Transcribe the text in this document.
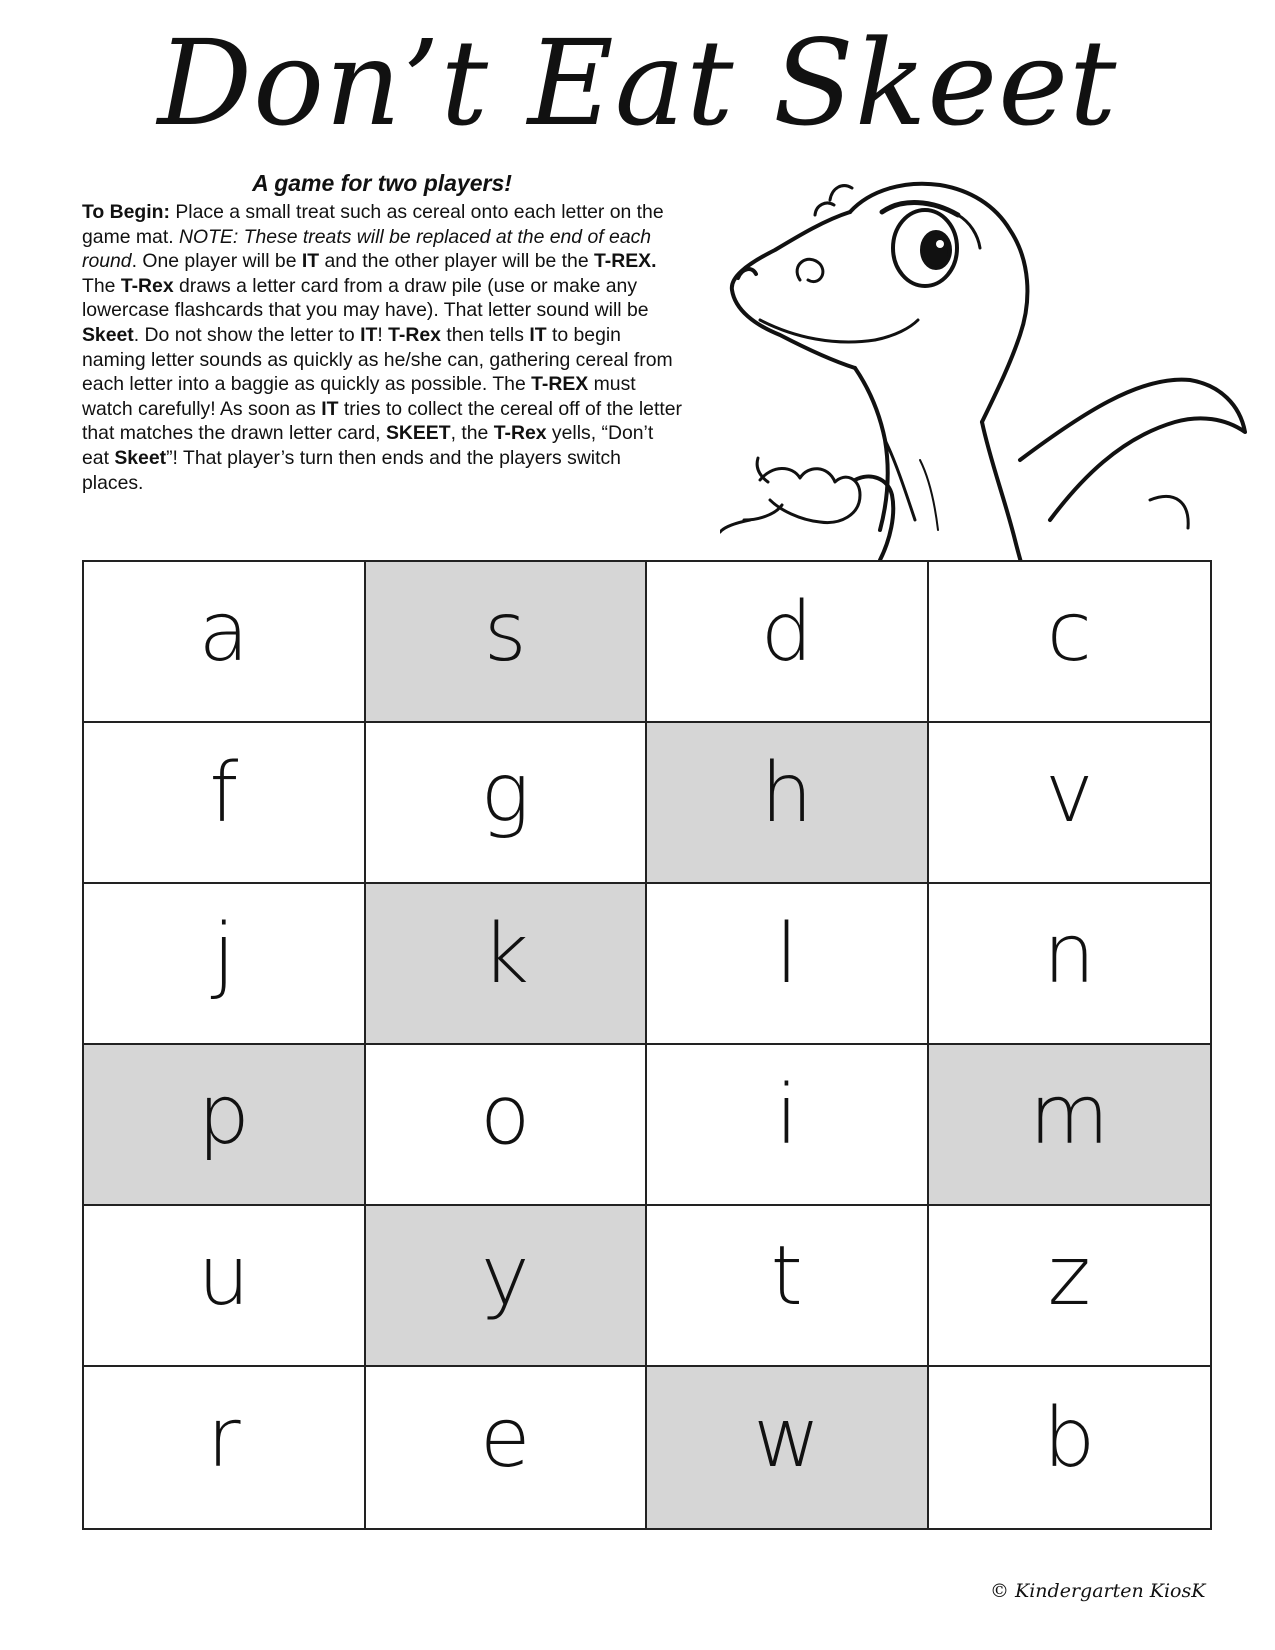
Don’t Eat Skeet
A game for two players!

To Begin: Place a small treat such as cereal onto each letter on the game mat. NOTE: These treats will be replaced at the end of each round. One player will be IT and the other player will be the T-REX. The T-Rex draws a letter card from a draw pile (use or make any lowercase flashcards that you may have). That letter sound will be Skeet. Do not show the letter to IT! T-Rex then tells IT to begin naming letter sounds as quickly as he/she can, gathering cereal from each letter into a baggie as quickly as possible. The T-REX must watch carefully! As soon as IT tries to collect the cereal off of the letter that matches the drawn letter card, SKEET, the T-Rex yells, “Don’t eat Skeet”! That player’s turn then ends and the players switch places.

a	s	d	c
f	g	h	v
j	k	l	n
p	o	i	m
u	y	t	z
r	e	w	b
© Kindergarten KiosK
